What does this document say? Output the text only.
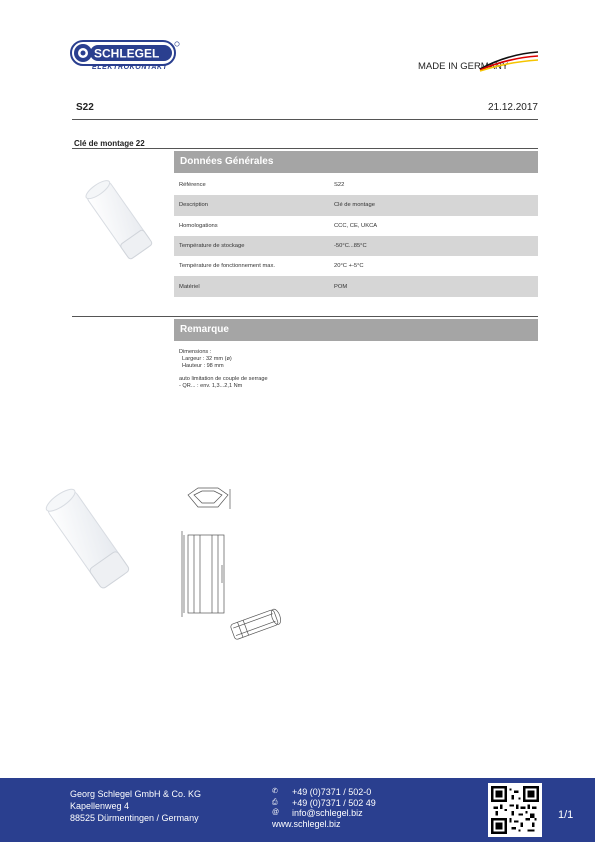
SCHLEGEL
ELEKTROKONTAKT	MADE IN GERMANY
S22	21.12.2017
Clé de montage 22
Données Générales
Référence	S22
Description	Clé de montage
Homologations	CCC, CE, UKCA
Température de stockage	-50°C...85°C
Température de fonctionnement max.	20°C +-5°C
Matériel	POM
Remarque
Dimensions :
Largeur : 32 mm (ø)
Hauteur : 98 mm
auto limitation de couple de serrage
- QR... : env. 1,3...2,1 Nm
Georg Schlegel GmbH & Co. KG
Kapellenweg 4
88525 Dürmentingen / Germany
✆	+49 (0)7371 / 502-0
⎙	+49 (0)7371 / 502 49
@	info@schlegel.biz
www.schlegel.biz
1/1
